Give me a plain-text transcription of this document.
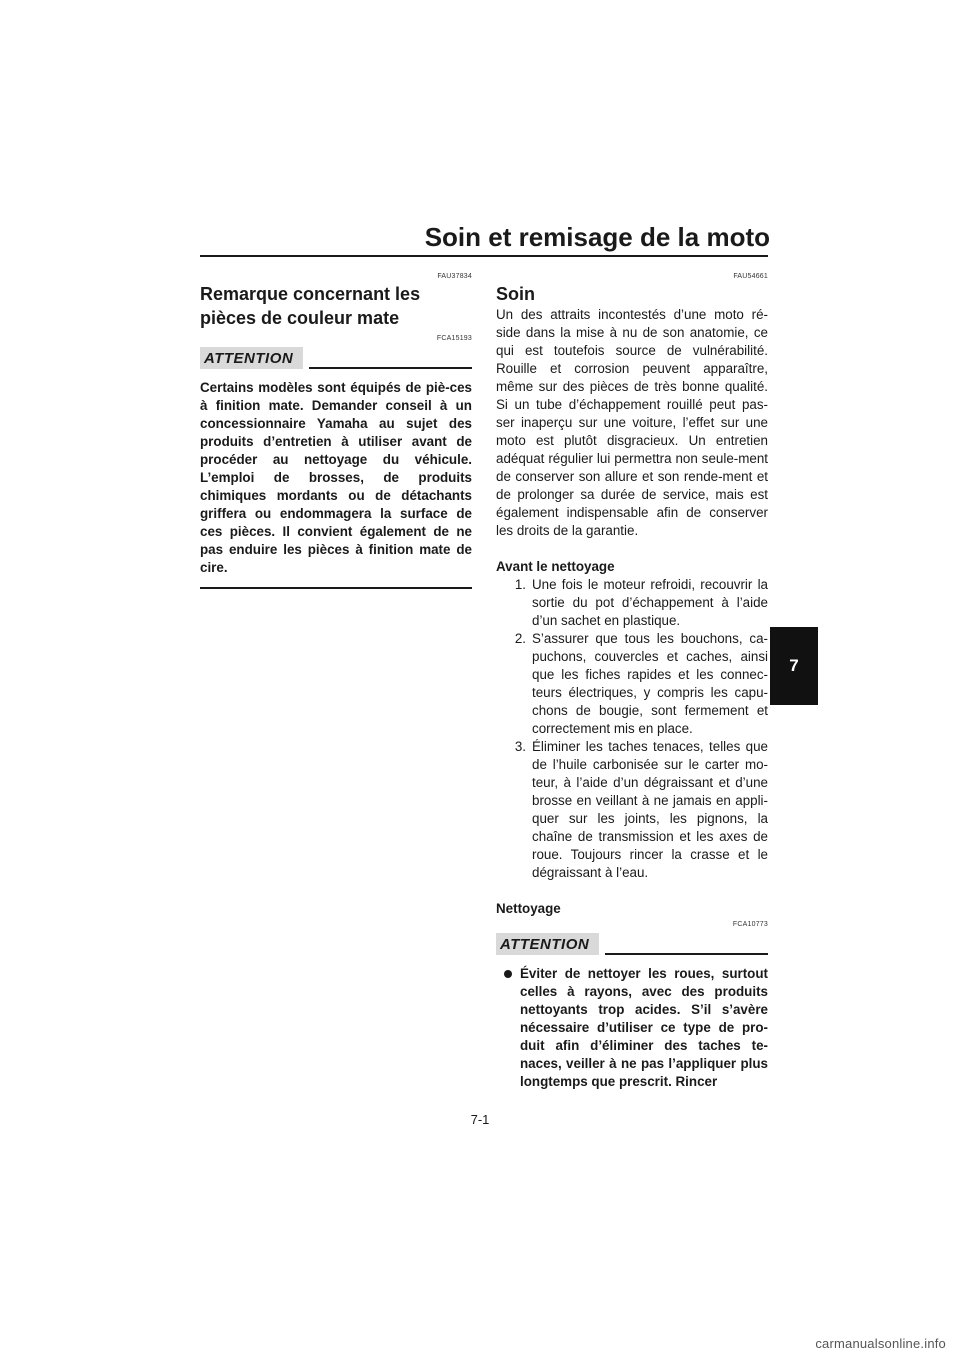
Soin et remisage de la moto
7
FAU37834
Remarque concernant les pièces de couleur mate
FCA15193
ATTENTION

Certains modèles sont équipés de piè-ces à finition mate. Demander conseil à un concessionnaire Yamaha au sujet des produits d’entretien à utiliser avant de procéder au nettoyage du véhicule. L’emploi de brosses, de produits chimiques mordants ou de détachants griffera ou endommagera la surface de ces pièces. Il convient également de ne pas enduire les pièces à finition mate de cire.

FAU54661
Soin

Un des attraits incontestés d’une moto ré-side dans la mise à nu de son anatomie, ce qui est toutefois source de vulnérabilité. Rouille et corrosion peuvent apparaître, même sur des pièces de très bonne qualité. Si un tube d’échappement rouillé peut pas-ser inaperçu sur une voiture, l’effet sur une moto est plutôt disgracieux. Un entretien adéquat régulier lui permettra non seule-ment de conserver son allure et son rende-ment et de prolonger sa durée de service, mais est également indispensable afin de conserver les droits de la garantie.

Avant le nettoyage

1. Une fois le moteur refroidi, recouvrir la sortie du pot d’échappement à l’aide d’un sachet en plastique.
2. S’assurer que tous les bouchons, ca-puchons, couvercles et caches, ainsi que les fiches rapides et les connec-teurs électriques, y compris les capu-chons de bougie, sont fermement et correctement mis en place.
3. Éliminer les taches tenaces, telles que de l’huile carbonisée sur le carter mo-teur, à l’aide d’un dégraissant et d’une brosse en veillant à ne jamais en appli-quer sur les joints, les pignons, la chaîne de transmission et les axes de roue. Toujours rincer la crasse et le dégraissant à l’eau.

Nettoyage

FCA10773
ATTENTION
Éviter de nettoyer les roues, surtout celles à rayons, avec des produits nettoyants trop acides. S’il s’avère nécessaire d’utiliser ce type de pro-duit afin d’éliminer des taches te-naces, veiller à ne pas l’appliquer plus longtemps que prescrit. Rincer
7-1
carmanualsonline.info
